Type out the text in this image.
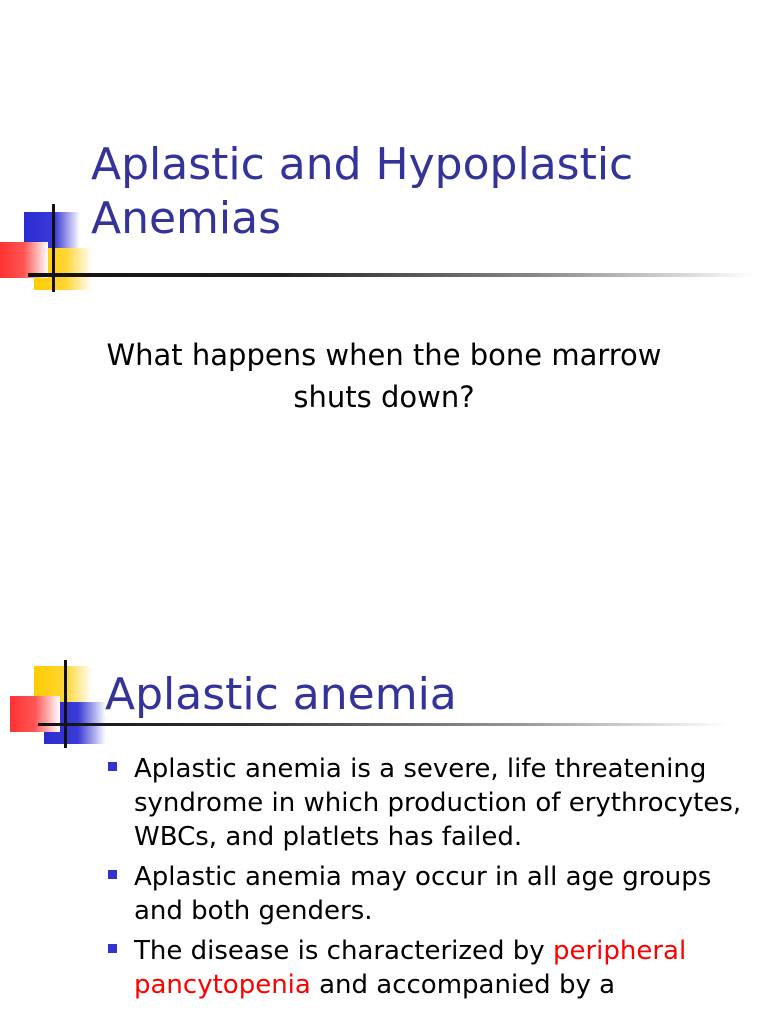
Aplastic and Hypoplastic Anemias

What happens when the bone marrow shuts down?

Aplastic anemia
Aplastic anemia is a severe, life threatening syndrome in which production of erythrocytes, WBCs, and platlets has failed.
Aplastic anemia may occur in all age groups and both genders.
The disease is characterized by peripheral pancytopenia and accompanied by a
